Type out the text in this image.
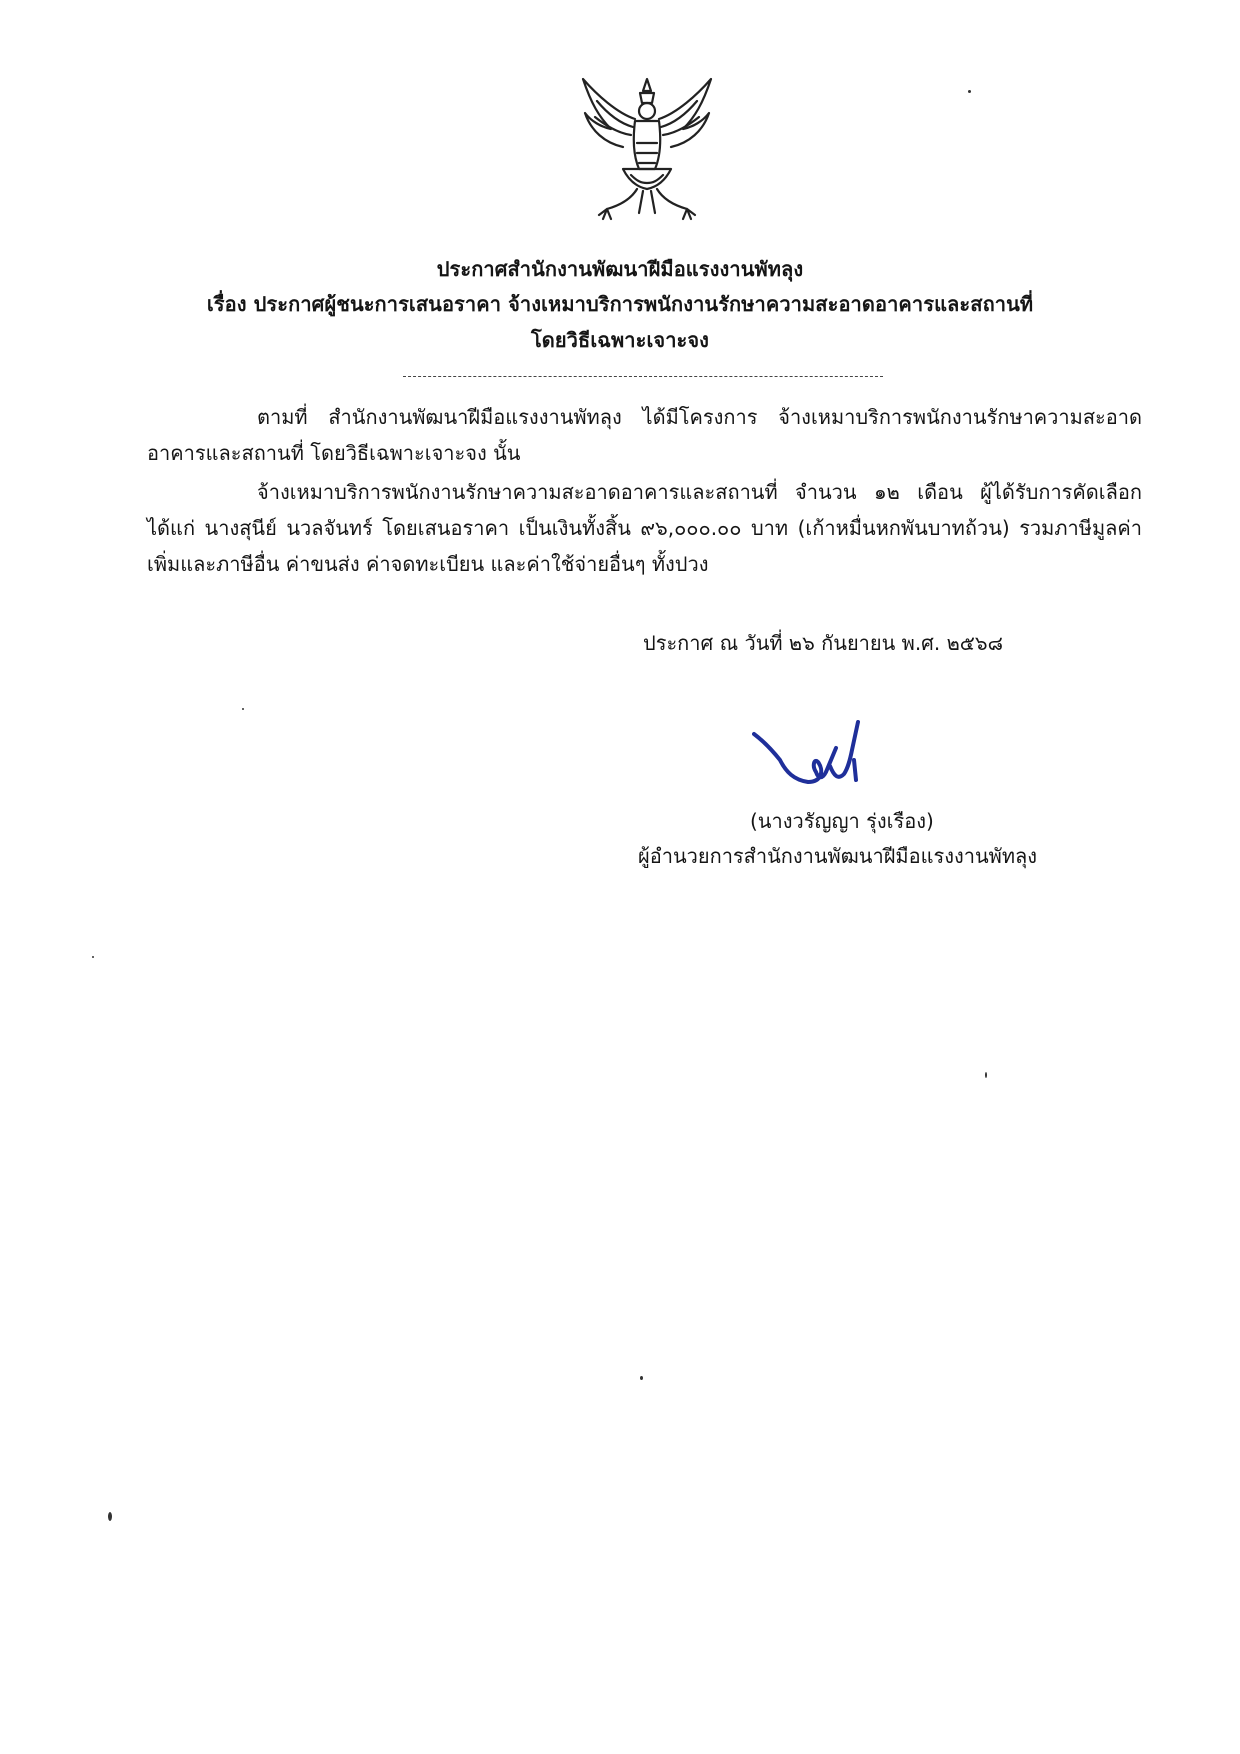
ประกาศสำนักงานพัฒนาฝีมือแรงงานพัทลุง
เรื่อง ประกาศผู้ชนะการเสนอราคา จ้างเหมาบริการพนักงานรักษาความสะอาดอาคารและสถานที่
โดยวิธีเฉพาะเจาะจง
ตามที่ สำนักงานพัฒนาฝีมือแรงงานพัทลุง ได้มีโครงการ จ้างเหมาบริการพนักงานรักษาความสะอาดอาคารและสถานที่ โดยวิธีเฉพาะเจาะจง นั้น
จ้างเหมาบริการพนักงานรักษาความสะอาดอาคารและสถานที่ จำนวน ๑๒ เดือน ผู้ได้รับการคัดเลือก ได้แก่ นางสุนีย์ นวลจันทร์ โดยเสนอราคา เป็นเงินทั้งสิ้น ๙๖,๐๐๐.๐๐ บาท (เก้าหมื่นหกพันบาทถ้วน) รวมภาษีมูลค่าเพิ่มและภาษีอื่น ค่าขนส่ง ค่าจดทะเบียน และค่าใช้จ่ายอื่นๆ ทั้งปวง
ประกาศ ณ วันที่ ๒๖ กันยายน พ.ศ. ๒๕๖๘
(นางวรัญญา รุ่งเรือง)
ผู้อำนวยการสำนักงานพัฒนาฝีมือแรงงานพัทลุง
